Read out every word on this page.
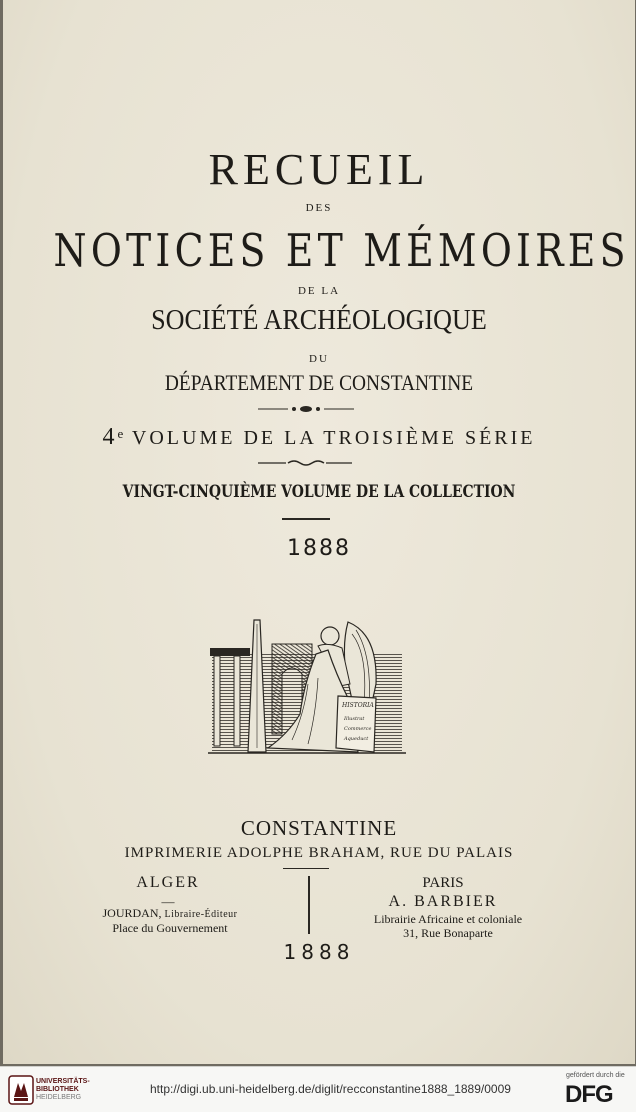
RECUEIL
DES
NOTICES ET MÉMOIRES
DE LA
SOCIÉTÉ ARCHÉOLOGIQUE
DU
DÉPARTEMENT DE CONSTANTINE
4e VOLUME DE LA TROISIÈME SÉRIE
VINGT-CINQUIÈME VOLUME DE LA COLLECTION
1888
HISTORIA
Illustrat
Commerce
Aqueduct
CONSTANTINE
IMPRIMERIE ADOLPHE BRAHAM, RUE DU PALAIS
ALGER
—
JOURDAN, Libraire-Éditeur
Place du Gouvernement
PARIS
A. BARBIER
Librairie Africaine et coloniale
31, Rue Bonaparte
1888
UNIVERSITÄTS-
BIBLIOTHEK
HEIDELBERG
http://digi.ub.uni-heidelberg.de/diglit/recconstantine1888_1889/0009
gefördert durch die
DFG
